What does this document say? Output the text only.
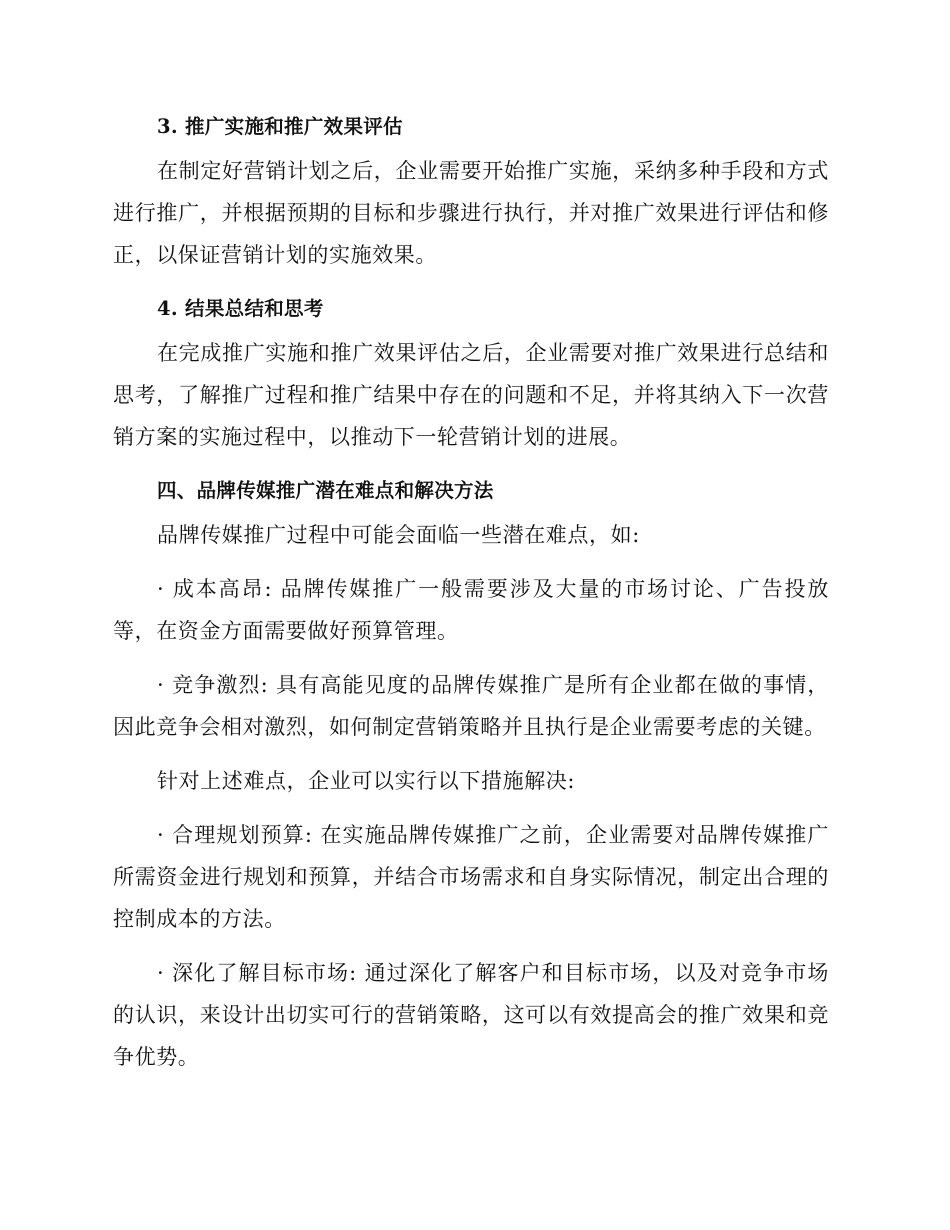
3. 推广实施和推广效果评估

在制定好营销计划之后，企业需要开始推广实施，采纳多种手段和方式进行推广，并根据预期的目标和步骤进行执行，并对推广效果进行评估和修正，以保证营销计划的实施效果。

4. 结果总结和思考

在完成推广实施和推广效果评估之后，企业需要对推广效果进行总结和思考，了解推广过程和推广结果中存在的问题和不足，并将其纳入下一次营销方案的实施过程中，以推动下一轮营销计划的进展。

四、品牌传媒推广潜在难点和解决方法

品牌传媒推广过程中可能会面临一些潜在难点，如:

· 成本高昂: 品牌传媒推广一般需要涉及大量的市场讨论、广告投放等，在资金方面需要做好预算管理。

· 竞争激烈: 具有高能见度的品牌传媒推广是所有企业都在做的事情，因此竞争会相对激烈，如何制定营销策略并且执行是企业需要考虑的关键。

针对上述难点，企业可以实行以下措施解决:

· 合理规划预算: 在实施品牌传媒推广之前，企业需要对品牌传媒推广所需资金进行规划和预算，并结合市场需求和自身实际情况，制定出合理的控制成本的方法。

· 深化了解目标市场: 通过深化了解客户和目标市场，以及对竞争市场的认识，来设计出切实可行的营销策略，这可以有效提高会的推广效果和竞争优势。
